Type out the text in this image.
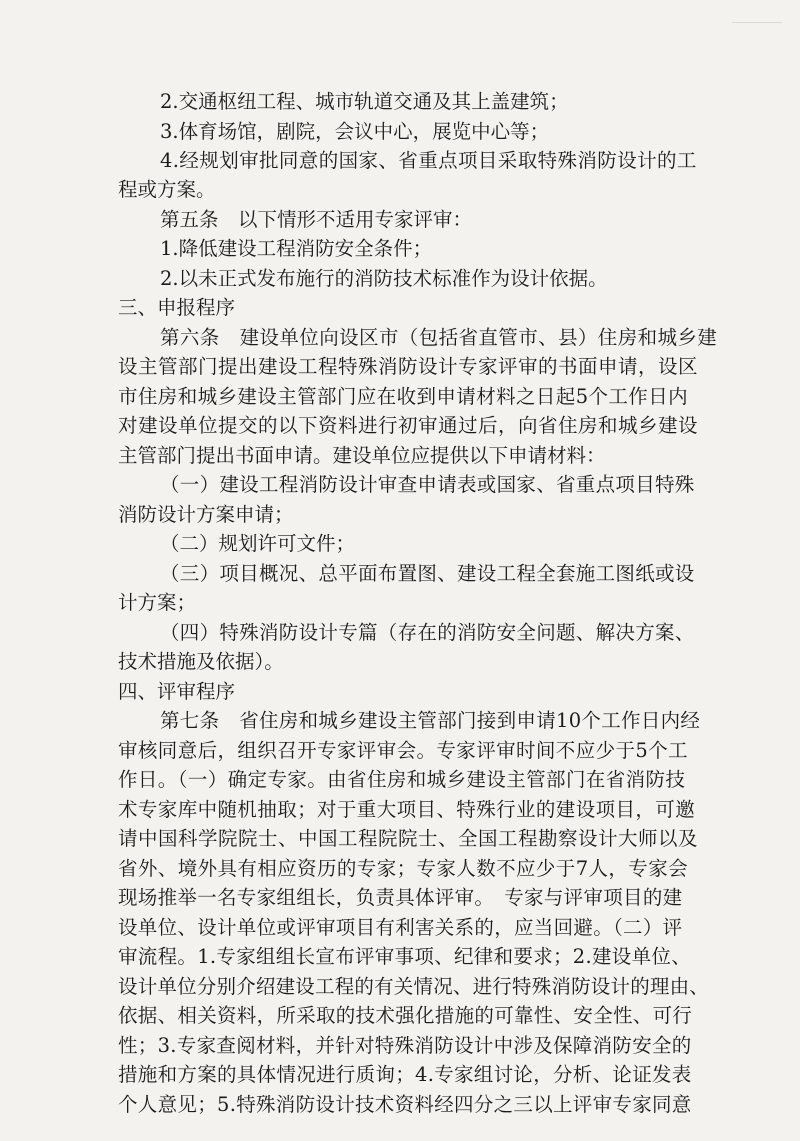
2.交通枢纽工程、城市轨道交通及其上盖建筑；
3.体育场馆，剧院，会议中心，展览中心等；
4.经规划审批同意的国家、省重点项目采取特殊消防设计的工
程或方案。
第五条　以下情形不适用专家评审：
1.降低建设工程消防安全条件；
2.以未正式发布施行的消防技术标准作为设计依据。
三、申报程序
第六条　建设单位向设区市（包括省直管市、县）住房和城乡建
设主管部门提出建设工程特殊消防设计专家评审的书面申请，设区
市住房和城乡建设主管部门应在收到申请材料之日起5个工作日内
对建设单位提交的以下资料进行初审通过后，向省住房和城乡建设
主管部门提出书面申请。建设单位应提供以下申请材料：
（一）建设工程消防设计审查申请表或国家、省重点项目特殊
消防设计方案申请；
（二）规划许可文件；
（三）项目概况、总平面布置图、建设工程全套施工图纸或设
计方案；
（四）特殊消防设计专篇（存在的消防安全问题、解决方案、
技术措施及依据）。
四、评审程序
第七条　省住房和城乡建设主管部门接到申请10个工作日内经
审核同意后，组织召开专家评审会。专家评审时间不应少于5个工
作日。（一）确定专家。由省住房和城乡建设主管部门在省消防技
术专家库中随机抽取；对于重大项目、特殊行业的建设项目，可邀
请中国科学院院士、中国工程院院士、全国工程勘察设计大师以及
省外、境外具有相应资历的专家；专家人数不应少于7人，专家会
现场推举一名专家组组长，负责具体评审。　专家与评审项目的建
设单位、设计单位或评审项目有利害关系的，应当回避。（二）评
审流程。1.专家组组长宣布评审事项、纪律和要求；2.建设单位、
设计单位分别介绍建设工程的有关情况、进行特殊消防设计的理由、
依据、相关资料，所采取的技术强化措施的可靠性、安全性、可行
性；3.专家查阅材料，并针对特殊消防设计中涉及保障消防安全的
措施和方案的具体情况进行质询；4.专家组讨论，分析、论证发表
个人意见；5.特殊消防设计技术资料经四分之三以上评审专家同意
